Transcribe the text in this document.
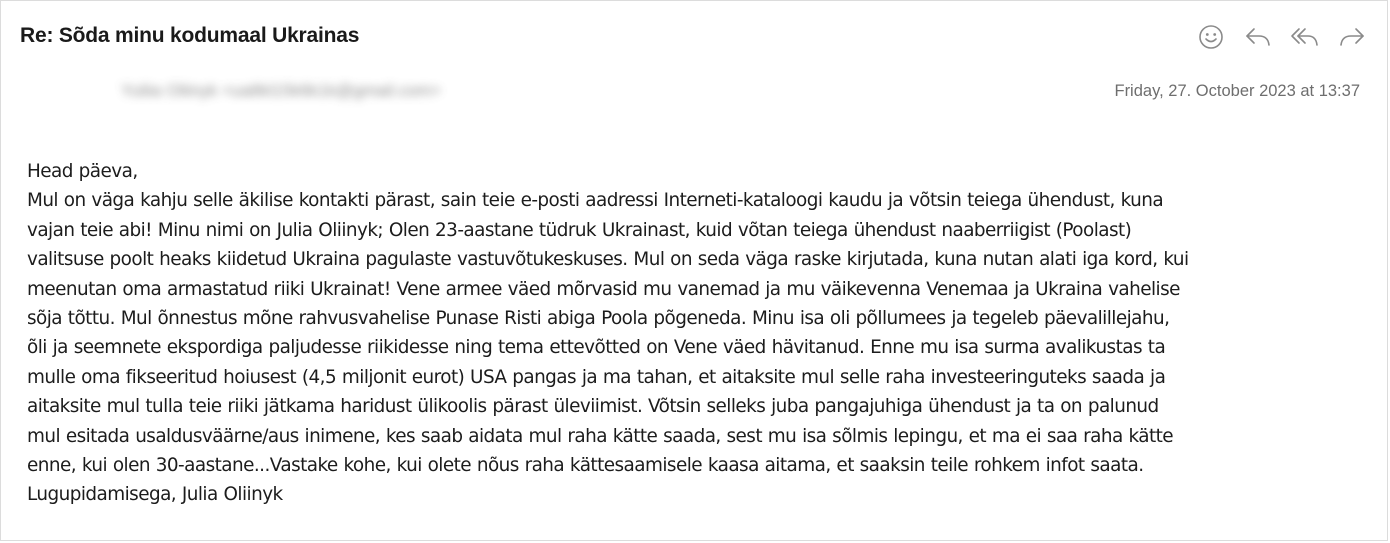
Re: Sõda minu kodumaal Ukrainas
Yuliia Oliinyk <ua8kl15k6k1k@gmail.com>	Friday, 27. October 2023 at 13:37
Head päeva,
Mul on väga kahju selle äkilise kontakti pärast, sain teie e-posti aadressi Interneti-kataloogi kaudu ja võtsin teiega ühendust, kuna
vajan teie abi! Minu nimi on Julia Oliinyk; Olen 23-aastane tüdruk Ukrainast, kuid võtan teiega ühendust naaberriigist (Poolast)
valitsuse poolt heaks kiidetud Ukraina pagulaste vastuvõtukeskuses. Mul on seda väga raske kirjutada, kuna nutan alati iga kord, kui
meenutan oma armastatud riiki Ukrainat! Vene armee väed mõrvasid mu vanemad ja mu väikevenna Venemaa ja Ukraina vahelise
sõja tõttu. Mul õnnestus mõne rahvusvahelise Punase Risti abiga Poola põgeneda. Minu isa oli põllumees ja tegeleb päevalillejahu,
õli ja seemnete ekspordiga paljudesse riikidesse ning tema ettevõtted on Vene väed hävitanud. Enne mu isa surma avalikustas ta
mulle oma fikseeritud hoiusest (4,5 miljonit eurot) USA pangas ja ma tahan, et aitaksite mul selle raha investeeringuteks saada ja
aitaksite mul tulla teie riiki jätkama haridust ülikoolis pärast üleviimist. Võtsin selleks juba pangajuhiga ühendust ja ta on palunud
mul esitada usaldusväärne/aus inimene, kes saab aidata mul raha kätte saada, sest mu isa sõlmis lepingu, et ma ei saa raha kätte
enne, kui olen 30-aastane...Vastake kohe, kui olete nõus raha kättesaamisele kaasa aitama, et saaksin teile rohkem infot saata.
Lugupidamisega, Julia Oliinyk
